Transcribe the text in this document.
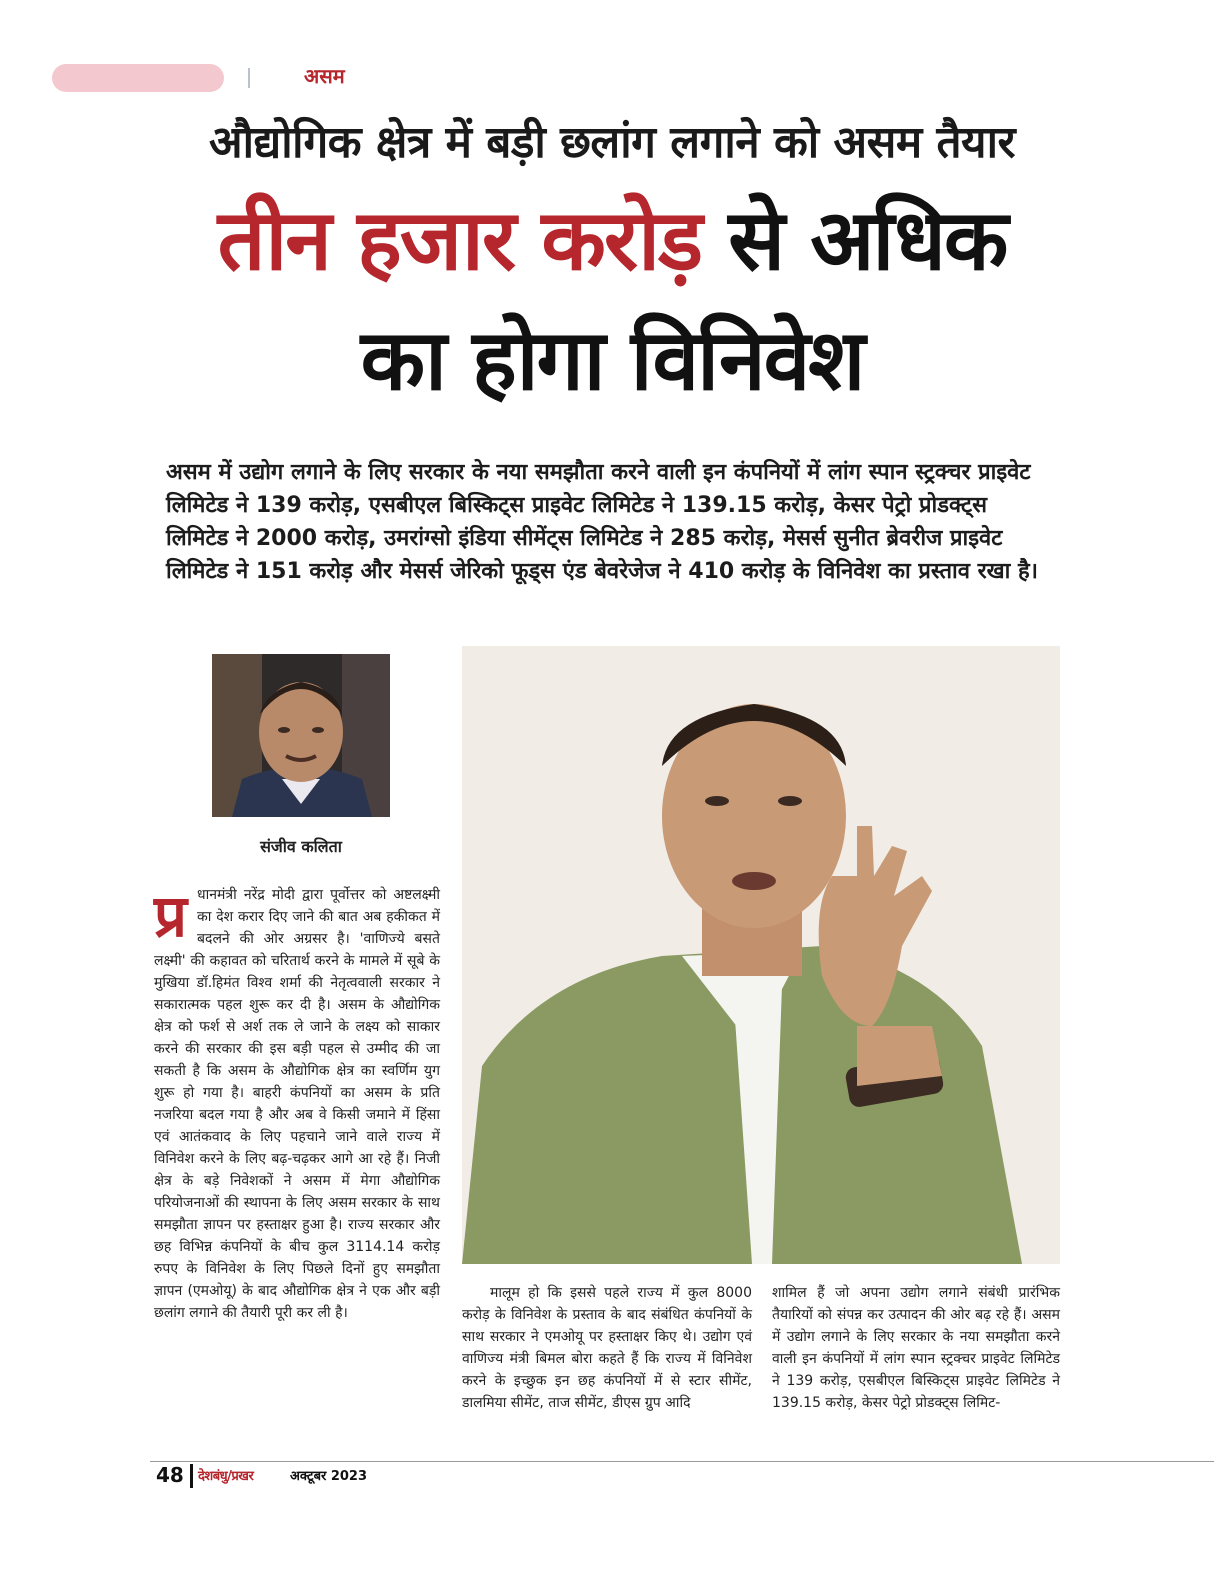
असम
औद्योगिक क्षेत्र में बड़ी छलांग लगाने को असम तैयार
तीन हजार करोड़ से अधिक
का होगा विनिवेश
असम में उद्योग लगाने के लिए सरकार के नया समझौता करने वाली इन कंपनियों में लांग स्पान स्ट्रक्चर प्राइवेट लिमिटेड ने 139 करोड़, एसबीएल बिस्किट्स प्राइवेट लिमिटेड ने 139.15 करोड़, केसर पेट्रो प्रोडक्ट्स लिमिटेड ने 2000 करोड़, उमरांग्सो इंडिया सीमेंट्स लिमिटेड ने 285 करोड़, मेसर्स सुनीत ब्रेवरीज प्राइवेट लिमिटेड ने 151 करोड़ और मेसर्स जेरिको फूड्स एंड बेवरेजेज ने 410 करोड़ के विनिवेश का प्रस्ताव रखा है।
संजीव कलिता
प्र धानमंत्री नरेंद्र मोदी द्वारा पूर्वोत्तर को अष्टलक्ष्मी का देश करार दिए जाने की बात अब हकीकत में बदलने की ओर अग्रसर है। 'वाणिज्ये बसते लक्ष्मी' की कहावत को चरितार्थ करने के मामले में सूबे के मुखिया डॉ.हिमंत विश्व शर्मा की नेतृत्ववाली सरकार ने सकारात्मक पहल शुरू कर दी है। असम के औद्योगिक क्षेत्र को फर्श से अर्श तक ले जाने के लक्ष्य को साकार करने की सरकार की इस बड़ी पहल से उम्मीद की जा सकती है कि असम के औद्योगिक क्षेत्र का स्वर्णिम युग शुरू हो गया है। बाहरी कंपनियों का असम के प्रति नजरिया बदल गया है और अब वे किसी जमाने में हिंसा एवं आतंकवाद के लिए पहचाने जाने वाले राज्य में विनिवेश करने के लिए बढ़-चढ़कर आगे आ रहे हैं। निजी क्षेत्र के बड़े निवेशकों ने असम में मेगा औद्योगिक परियोजनाओं की स्थापना के लिए असम सरकार के साथ समझौता ज्ञापन पर हस्ताक्षर हुआ है। राज्य सरकार और छह विभिन्न कंपनियों के बीच कुल 3114.14 करोड़ रुपए के विनिवेश के लिए पिछले दिनों हुए समझौता ज्ञापन (एमओयू) के बाद औद्योगिक क्षेत्र ने एक और बड़ी छलांग लगाने की तैयारी पूरी कर ली है।
मालूम हो कि इससे पहले राज्य में कुल 8000 करोड़ के विनिवेश के प्रस्ताव के बाद संबंधित कंपनियों के साथ सरकार ने एमओयू पर हस्ताक्षर किए थे। उद्योग एवं वाणिज्य मंत्री बिमल बोरा कहते हैं कि राज्य में विनिवेश करने के इच्छुक इन छह कंपनियों में से स्टार सीमेंट, डालमिया सीमेंट, ताज सीमेंट, डीएस ग्रुप आदि
शामिल हैं जो अपना उद्योग लगाने संबंधी प्रारंभिक तैयारियों को संपन्न कर उत्पादन की ओर बढ़ रहे हैं। असम में उद्योग लगाने के लिए सरकार के नया समझौता करने वाली इन कंपनियों में लांग स्पान स्ट्रक्चर प्राइवेट लिमिटेड ने 139 करोड़, एसबीएल बिस्किट्स प्राइवेट लिमिटेड ने 139.15 करोड़, केसर पेट्रो प्रोडक्ट्स लिमिट-
48 देशबंधु/प्रखर	अक्टूबर 2023
